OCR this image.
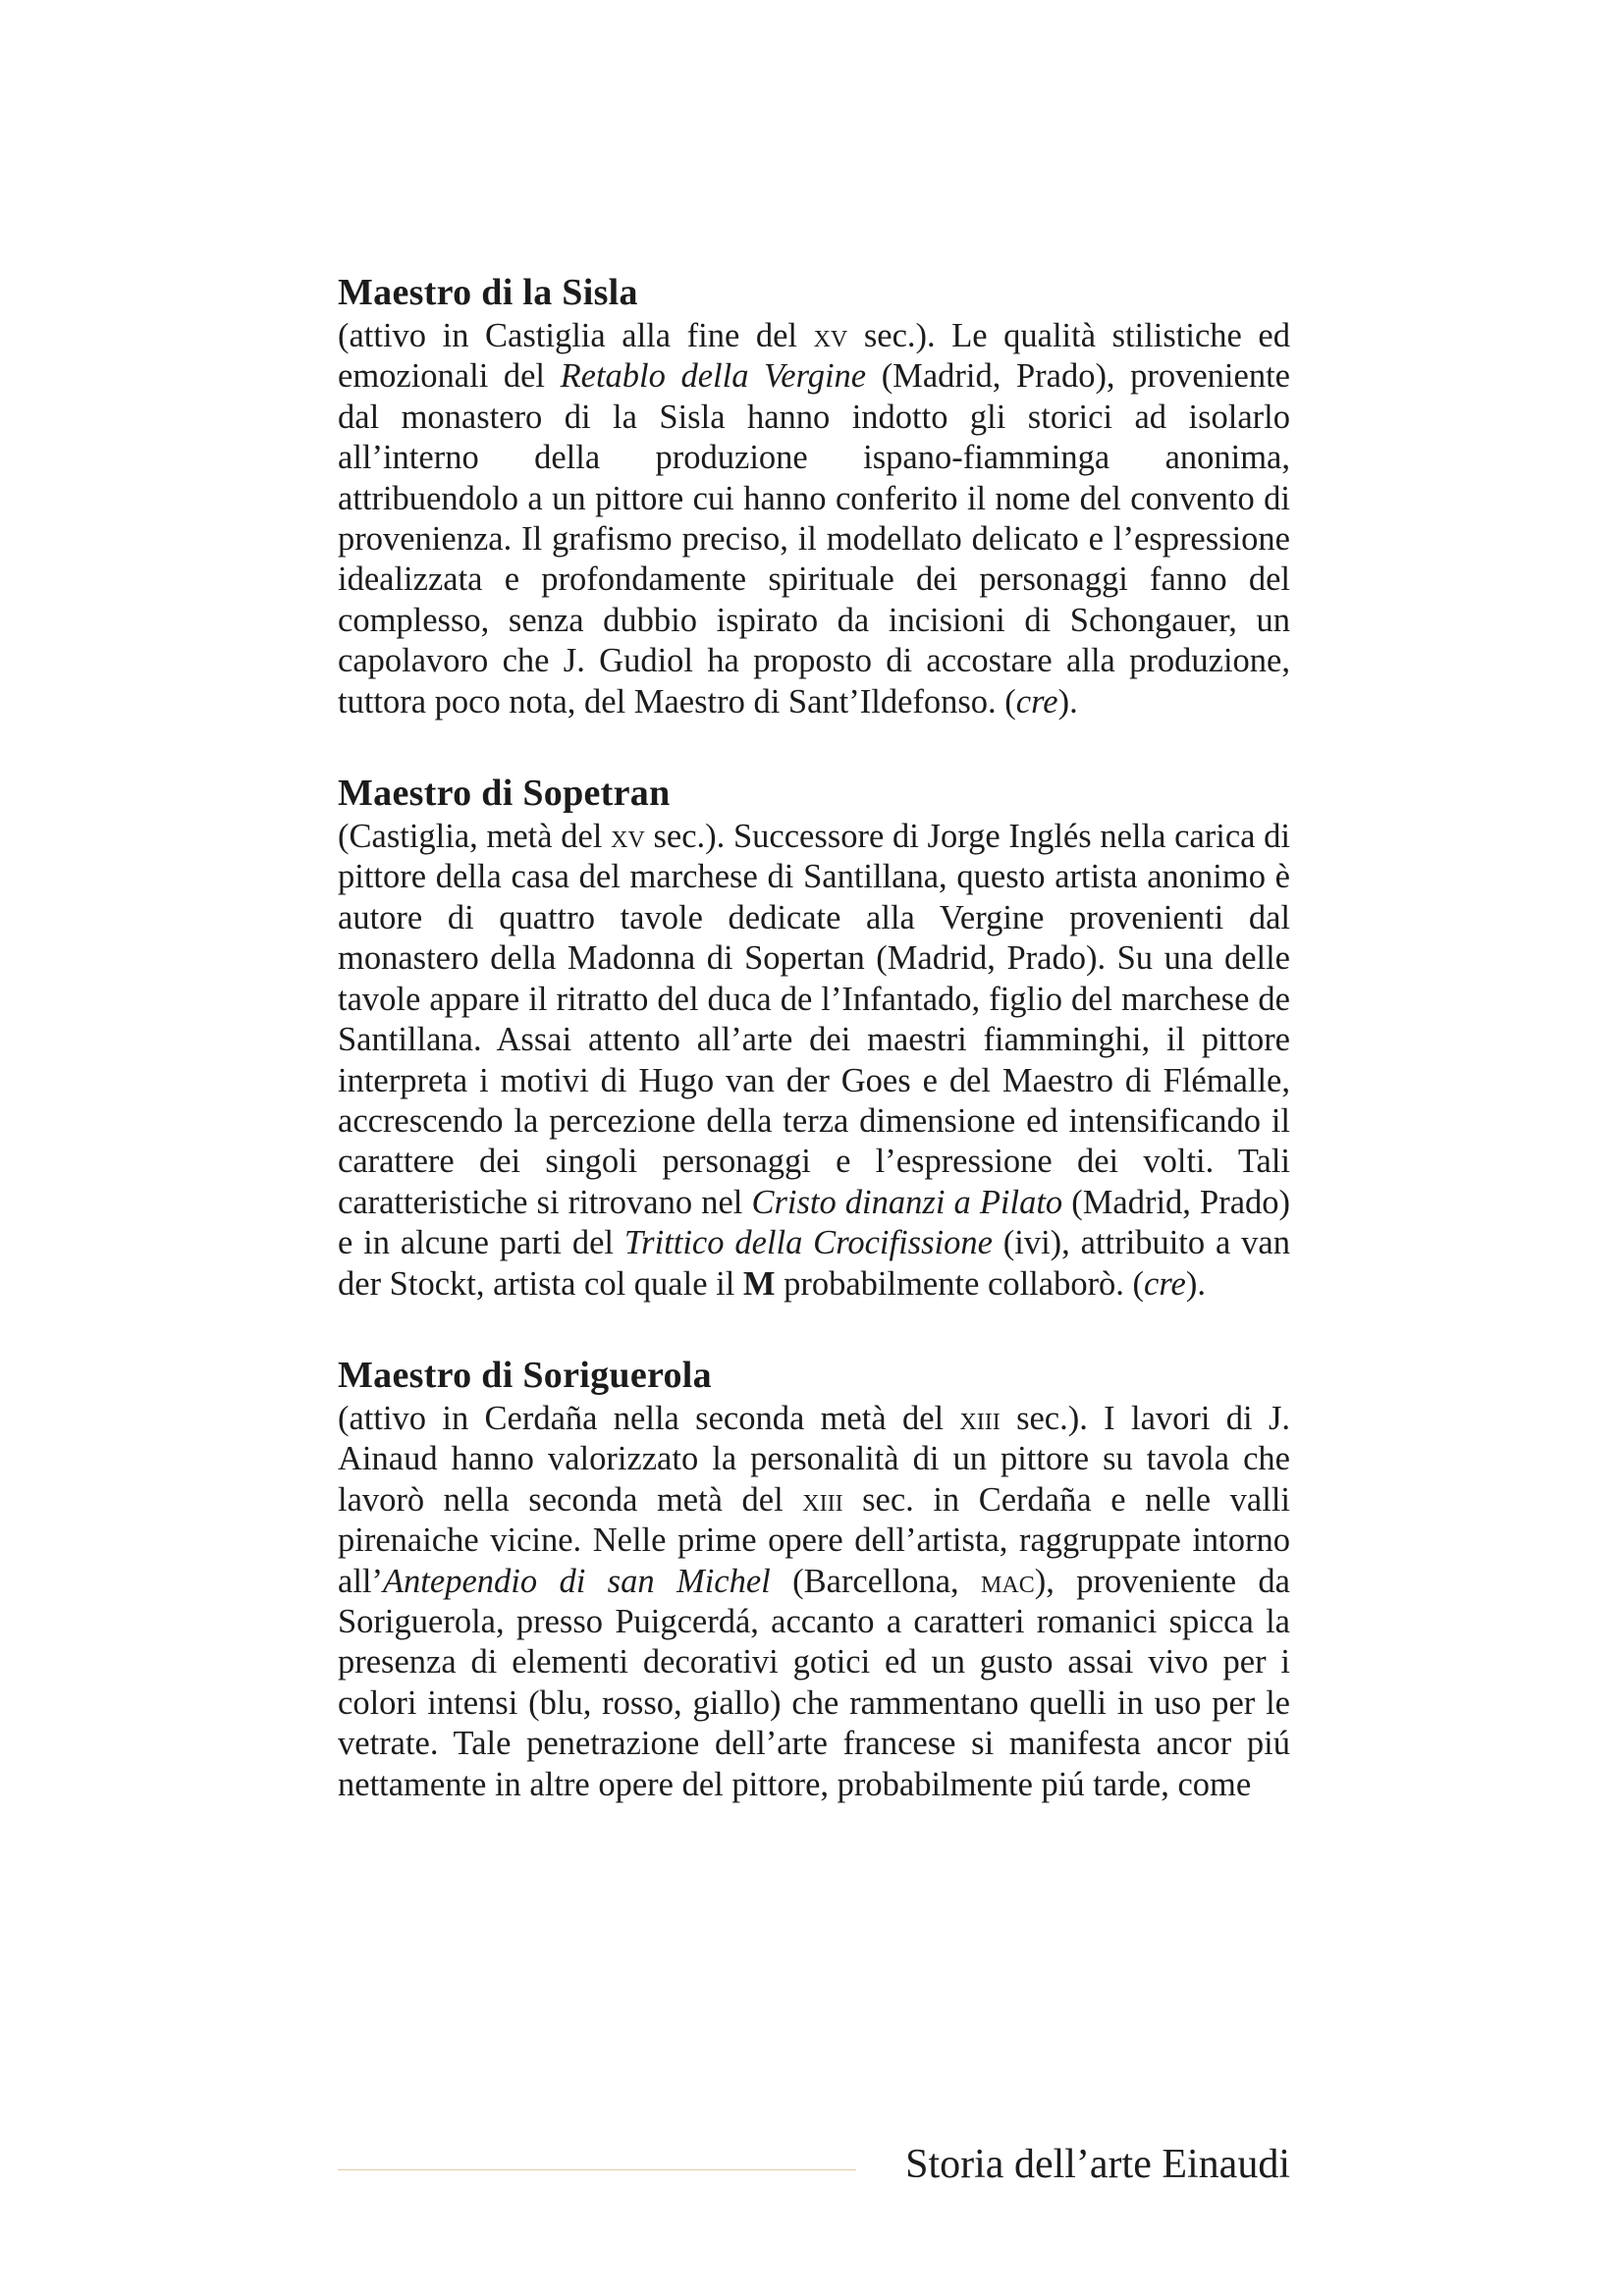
Maestro di la Sisla

(attivo in Castiglia alla fine del xv sec.). Le qualità stilistiche ed emozionali del Retablo della Vergine (Madrid, Prado), proveniente dal monastero di la Sisla hanno indotto gli storici ad isolarlo all’interno della produzione ispano-fiamminga anonima, attribuendolo a un pittore cui hanno conferito il nome del convento di provenienza. Il grafismo preciso, il modellato delicato e l’espressione idealizzata e profondamente spirituale dei personaggi fanno del complesso, senza dubbio ispirato da incisioni di Schongauer, un capolavoro che J. Gudiol ha proposto di accostare alla produzione, tuttora poco nota, del Maestro di Sant’Ildefonso. (cre).

Maestro di Sopetran

(Castiglia, metà del xv sec.). Successore di Jorge Inglés nella carica di pittore della casa del marchese di Santillana, questo artista anonimo è autore di quattro tavole dedicate alla Vergine provenienti dal monastero della Madonna di Sopertan (Madrid, Prado). Su una delle tavole appare il ritratto del duca de l’Infantado, figlio del marchese de Santillana. Assai attento all’arte dei maestri fiamminghi, il pittore interpreta i motivi di Hugo van der Goes e del Maestro di Flémalle, accrescendo la percezione della terza dimensione ed intensificando il carattere dei singoli personaggi e l’espressione dei volti. Tali caratteristiche si ritrovano nel Cristo dinanzi a Pilato (Madrid, Prado) e in alcune parti del Trittico della Crocifissione (ivi), attribuito a van der Stockt, artista col quale il M probabilmente collaborò. (cre).

Maestro di Soriguerola

(attivo in Cerdaña nella seconda metà del xiii sec.). I lavori di J. Ainaud hanno valorizzato la personalità di un pittore su tavola che lavorò nella seconda metà del xiii sec. in Cerdaña e nelle valli pirenaiche vicine. Nelle prime opere dell’artista, raggruppate intorno all’Antependio di san Michel (Barcellona, mac), proveniente da Soriguerola, presso Puigcerdá, accanto a caratteri romanici spicca la presenza di elementi decorativi gotici ed un gusto assai vivo per i colori intensi (blu, rosso, giallo) che rammentano quelli in uso per le vetrate. Tale penetrazione dell’arte francese si manifesta ancor piú nettamente in altre opere del pittore, probabilmente piú tarde, come

Storia dell’arte Einaudi
